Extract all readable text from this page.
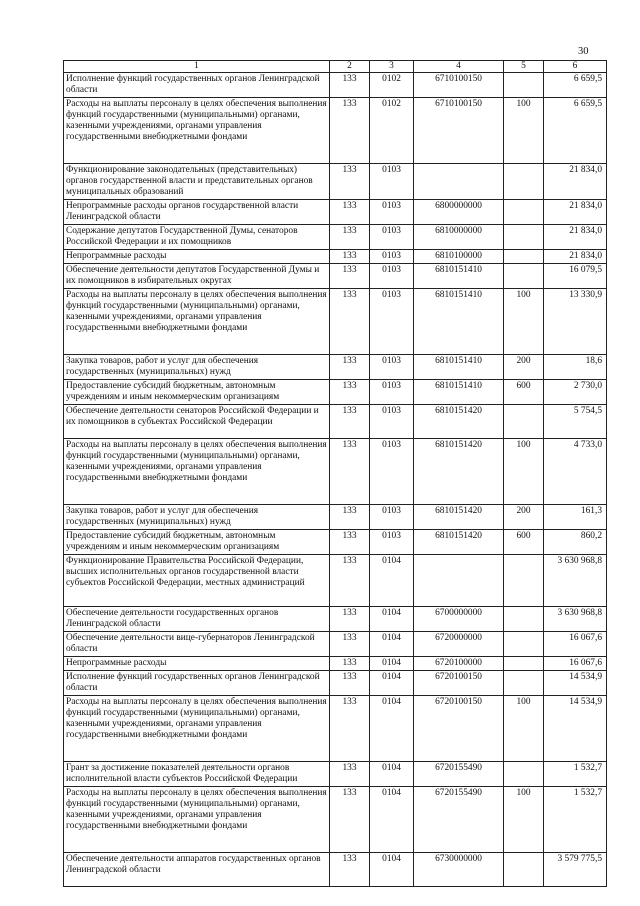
30
1	2	3	4	5	6
Исполнение функций государственных органов Ленинградской области	133	0102	6710100150		6 659,5
Расходы на выплаты персоналу в целях обеспечения выполнения функций государственными (муниципальными) органами, казенными учреждениями, органами управления государственными внебюджетными фондами	133	0102	6710100150	100	6 659,5
Функционирование законодательных (представительных) органов государственной власти и представительных органов муниципальных образований	133	0103			21 834,0
Непрограммные расходы органов государственной власти Ленинградской области	133	0103	6800000000		21 834,0
Содержание депутатов Государственной Думы, сенаторов Российской Федерации и их помощников	133	0103	6810000000		21 834,0
Непрограммные расходы	133	0103	6810100000		21 834,0
Обеспечение деятельности депутатов Государственной Думы и их помощников в избирательных округах	133	0103	6810151410		16 079,5
Расходы на выплаты персоналу в целях обеспечения выполнения функций государственными (муниципальными) органами, казенными учреждениями, органами управления государственными внебюджетными фондами	133	0103	6810151410	100	13 330,9
Закупка товаров, работ и услуг для обеспечения государственных (муниципальных) нужд	133	0103	6810151410	200	18,6
Предоставление субсидий бюджетным, автономным учреждениям и иным некоммерческим организациям	133	0103	6810151410	600	2 730,0
Обеспечение деятельности сенаторов Российской Федерации и их помощников в субъектах Российской Федерации	133	0103	6810151420		5 754,5
Расходы на выплаты персоналу в целях обеспечения выполнения функций государственными (муниципальными) органами, казенными учреждениями, органами управления государственными внебюджетными фондами	133	0103	6810151420	100	4 733,0
Закупка товаров, работ и услуг для обеспечения государственных (муниципальных) нужд	133	0103	6810151420	200	161,3
Предоставление субсидий бюджетным, автономным учреждениям и иным некоммерческим организациям	133	0103	6810151420	600	860,2
Функционирование Правительства Российской Федерации, высших исполнительных органов государственной власти субъектов Российской Федерации, местных администраций	133	0104			3 630 968,8
Обеспечение деятельности государственных органов Ленинградской области	133	0104	6700000000		3 630 968,8
Обеспечение деятельности вице-губернаторов Ленинградской области	133	0104	6720000000		16 067,6
Непрограммные расходы	133	0104	6720100000		16 067,6
Исполнение функций государственных органов Ленинградской области	133	0104	6720100150		14 534,9
Расходы на выплаты персоналу в целях обеспечения выполнения функций государственными (муниципальными) органами, казенными учреждениями, органами управления государственными внебюджетными фондами	133	0104	6720100150	100	14 534,9
Грант за достижение показателей деятельности органов исполнительной власти субъектов Российской Федерации	133	0104	6720155490		1 532,7
Расходы на выплаты персоналу в целях обеспечения выполнения функций государственными (муниципальными) органами, казенными учреждениями, органами управления государственными внебюджетными фондами	133	0104	6720155490	100	1 532,7
Обеспечение деятельности аппаратов государственных органов Ленинградской области	133	0104	6730000000		3 579 775,5
